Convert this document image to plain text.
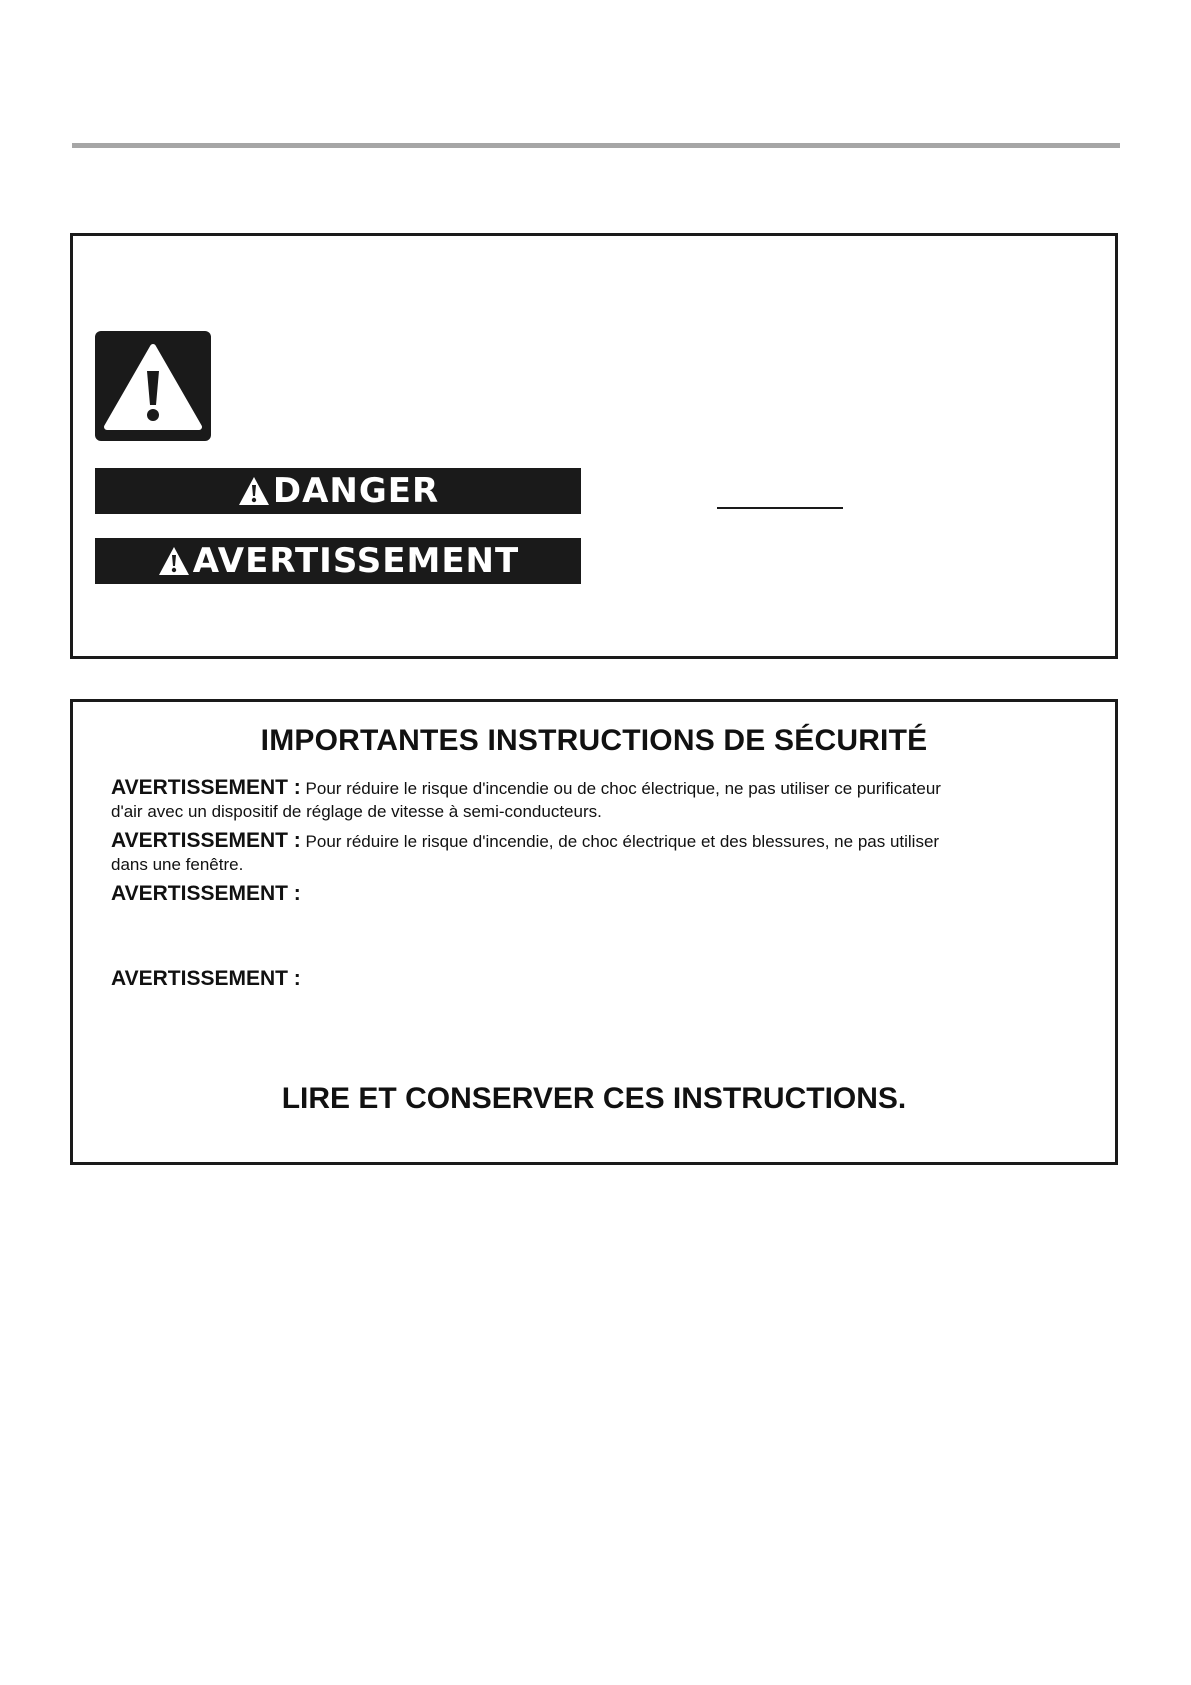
DANGER
AVERTISSEMENT
IMPORTANTES INSTRUCTIONS DE SÉCURITÉ

AVERTISSEMENT : Pour réduire le risque d'incendie ou de choc électrique, ne pas utiliser ce purificateur d'air avec un dispositif de réglage de vitesse à semi-conducteurs.

AVERTISSEMENT : Pour réduire le risque d'incendie, de choc électrique et des blessures, ne pas utiliser dans une fenêtre.

AVERTISSEMENT :

AVERTISSEMENT :

LIRE ET CONSERVER CES INSTRUCTIONS.
